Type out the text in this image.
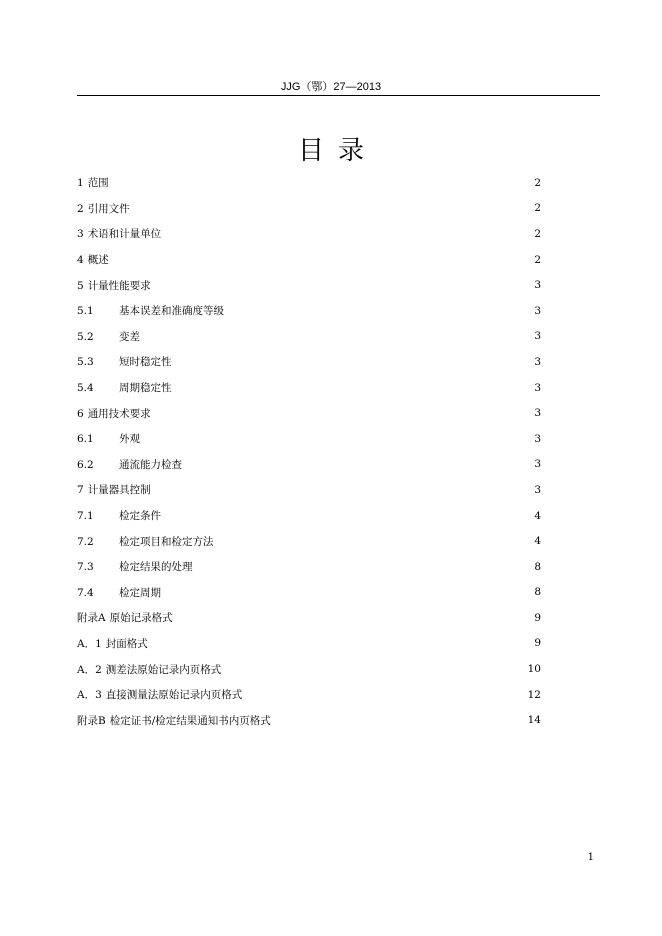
JJG（鄂）27—2013
目录
1 范围	2
2 引用文件	2
3 术语和计量单位	2
4 概述	2
5 计量性能要求	3
5.1 基本误差和准确度等级	3
5.2 变差	3
5.3 短时稳定性	3
5.4 周期稳定性	3
6 通用技术要求	3
6.1 外观	3
6.2 通流能力检查	3
7 计量器具控制	3
7.1 检定条件	4
7.2 检定项目和检定方法	4
7.3 检定结果的处理	8
7.4 检定周期	8
附录A 原始记录格式	9
A．1 封面格式	9
A．2 测差法原始记录内页格式	10
A．3 直接测量法原始记录内页格式	12
附录B 检定证书/检定结果通知书内页格式	14
1
